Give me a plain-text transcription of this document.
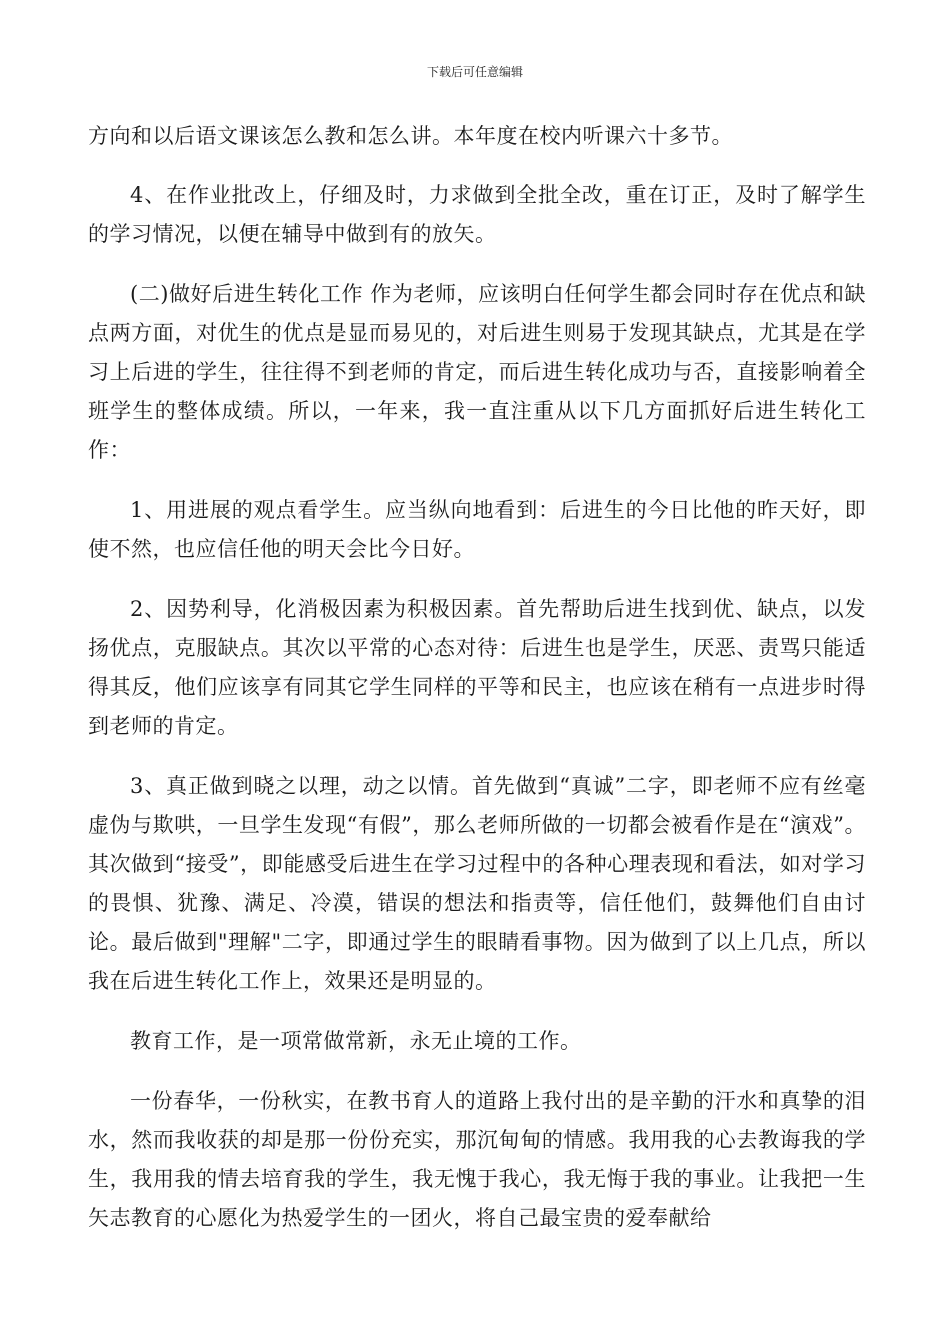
下载后可任意编辑

方向和以后语文课该怎么教和怎么讲。本年度在校内听课六十多节。

4、在作业批改上，仔细及时，力求做到全批全改，重在订正，及时了解学生的学习情况，以便在辅导中做到有的放矢。

(二)做好后进生转化工作 作为老师，应该明白任何学生都会同时存在优点和缺点两方面，对优生的优点是显而易见的，对后进生则易于发现其缺点，尤其是在学习上后进的学生，往往得不到老师的肯定，而后进生转化成功与否，直接影响着全班学生的整体成绩。所以，一年来，我一直注重从以下几方面抓好后进生转化工作：

1、用进展的观点看学生。应当纵向地看到：后进生的今日比他的昨天好，即使不然，也应信任他的明天会比今日好。

2、因势利导，化消极因素为积极因素。首先帮助后进生找到优、缺点，以发扬优点，克服缺点。其次以平常的心态对待：后进生也是学生，厌恶、责骂只能适得其反，他们应该享有同其它学生同样的平等和民主，也应该在稍有一点进步时得到老师的肯定。

3、真正做到晓之以理，动之以情。首先做到“真诚”二字，即老师不应有丝毫虚伪与欺哄，一旦学生发现“有假”，那么老师所做的一切都会被看作是在“演戏”。其次做到“接受”，即能感受后进生在学习过程中的各种心理表现和看法，如对学习的畏惧、犹豫、满足、冷漠，错误的想法和指责等，信任他们，鼓舞他们自由讨论。最后做到"理解"二字，即通过学生的眼睛看事物。因为做到了以上几点，所以我在后进生转化工作上，效果还是明显的。

教育工作，是一项常做常新，永无止境的工作。

一份春华，一份秋实，在教书育人的道路上我付出的是辛勤的汗水和真挚的泪水，然而我收获的却是那一份份充实，那沉甸甸的情感。我用我的心去教诲我的学生，我用我的情去培育我的学生，我无愧于我心，我无悔于我的事业。让我把一生矢志教育的心愿化为热爱学生的一团火，将自己最宝贵的爱奉献给
